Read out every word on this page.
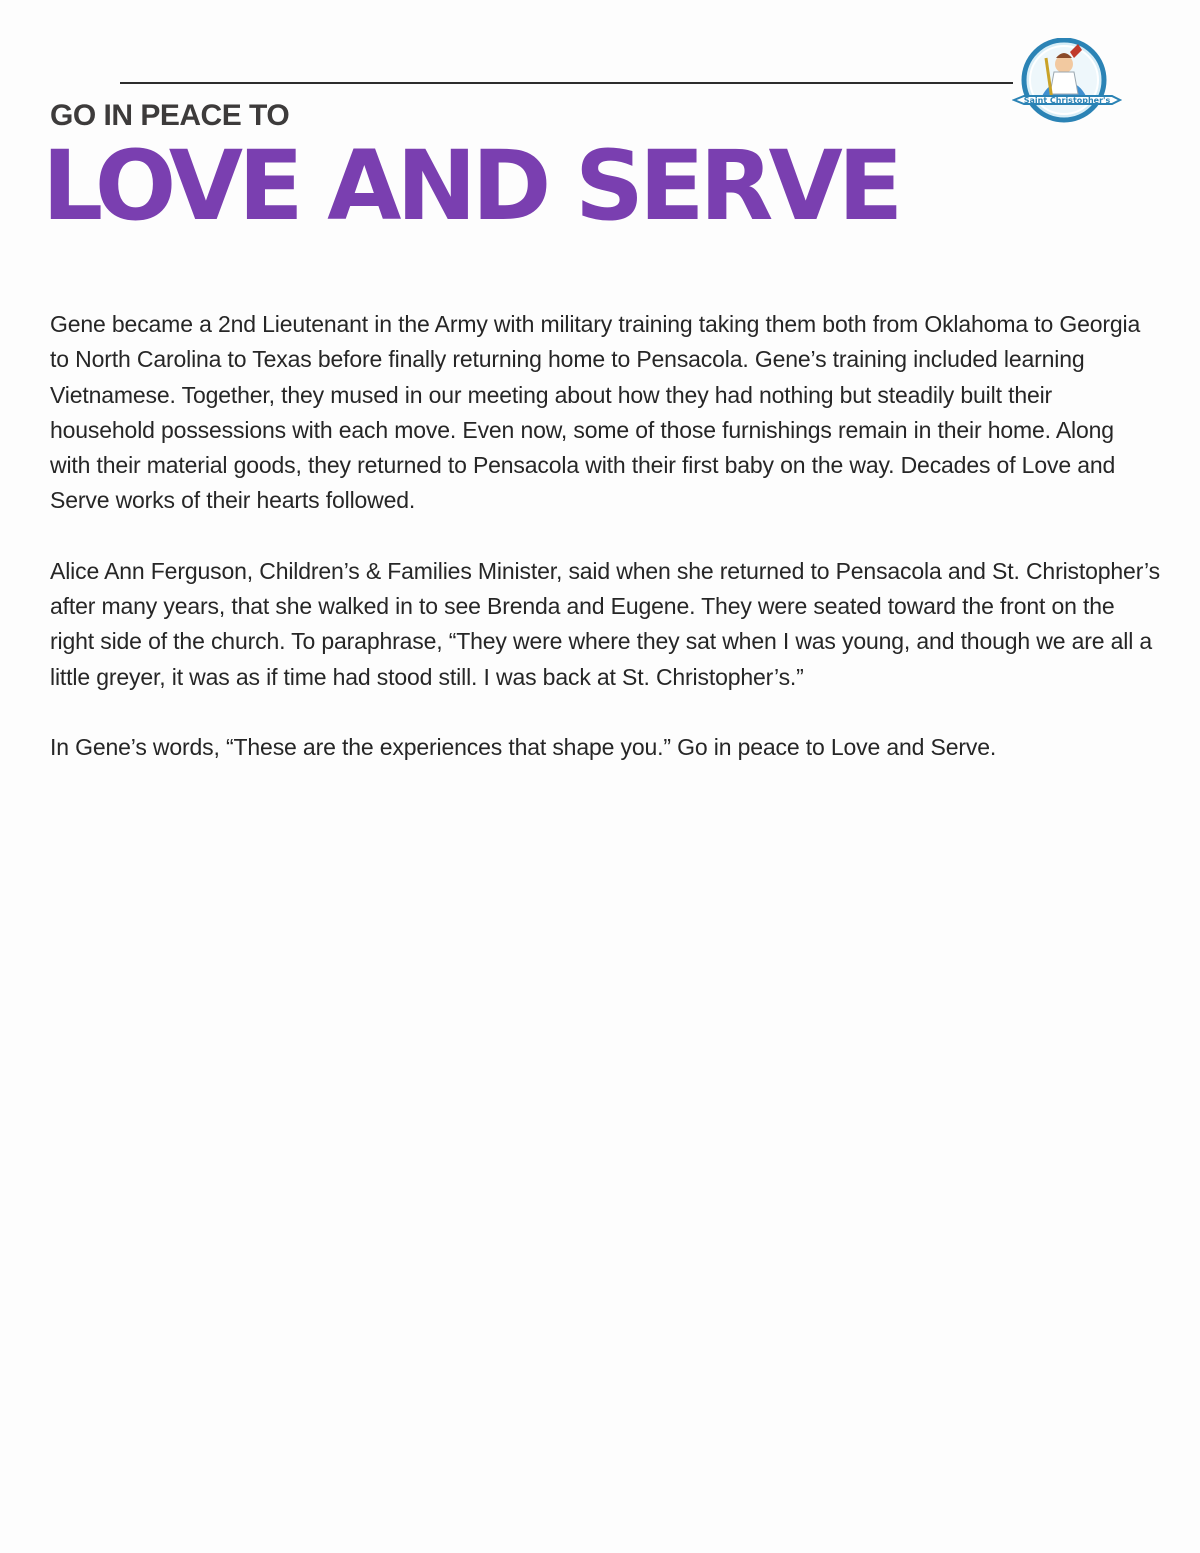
Saint Christopher's
GO IN PEACE TO
LOVE AND SERVE

Gene became a 2nd Lieutenant in the Army with military training taking them both from Oklahoma to Georgia to North Carolina to Texas before finally returning home to Pensacola. Gene’s training included learning Vietnamese. Together, they mused in our meeting about how they had nothing but steadily built their household possessions with each move. Even now, some of those furnishings remain in their home. Along with their material goods, they returned to Pensacola with their first baby on the way. Decades of Love and Serve works of their hearts followed.

Alice Ann Ferguson, Children’s & Families Minister, said when she returned to Pensacola and St. Christopher’s after many years, that she walked in to see Brenda and Eugene. They were seated toward the front on the right side of the church. To paraphrase, “They were where they sat when I was young, and though we are all a little greyer, it was as if time had stood still. I was back at St. Christopher’s.”

In Gene’s words, “These are the experiences that shape you.” Go in peace to Love and Serve.
